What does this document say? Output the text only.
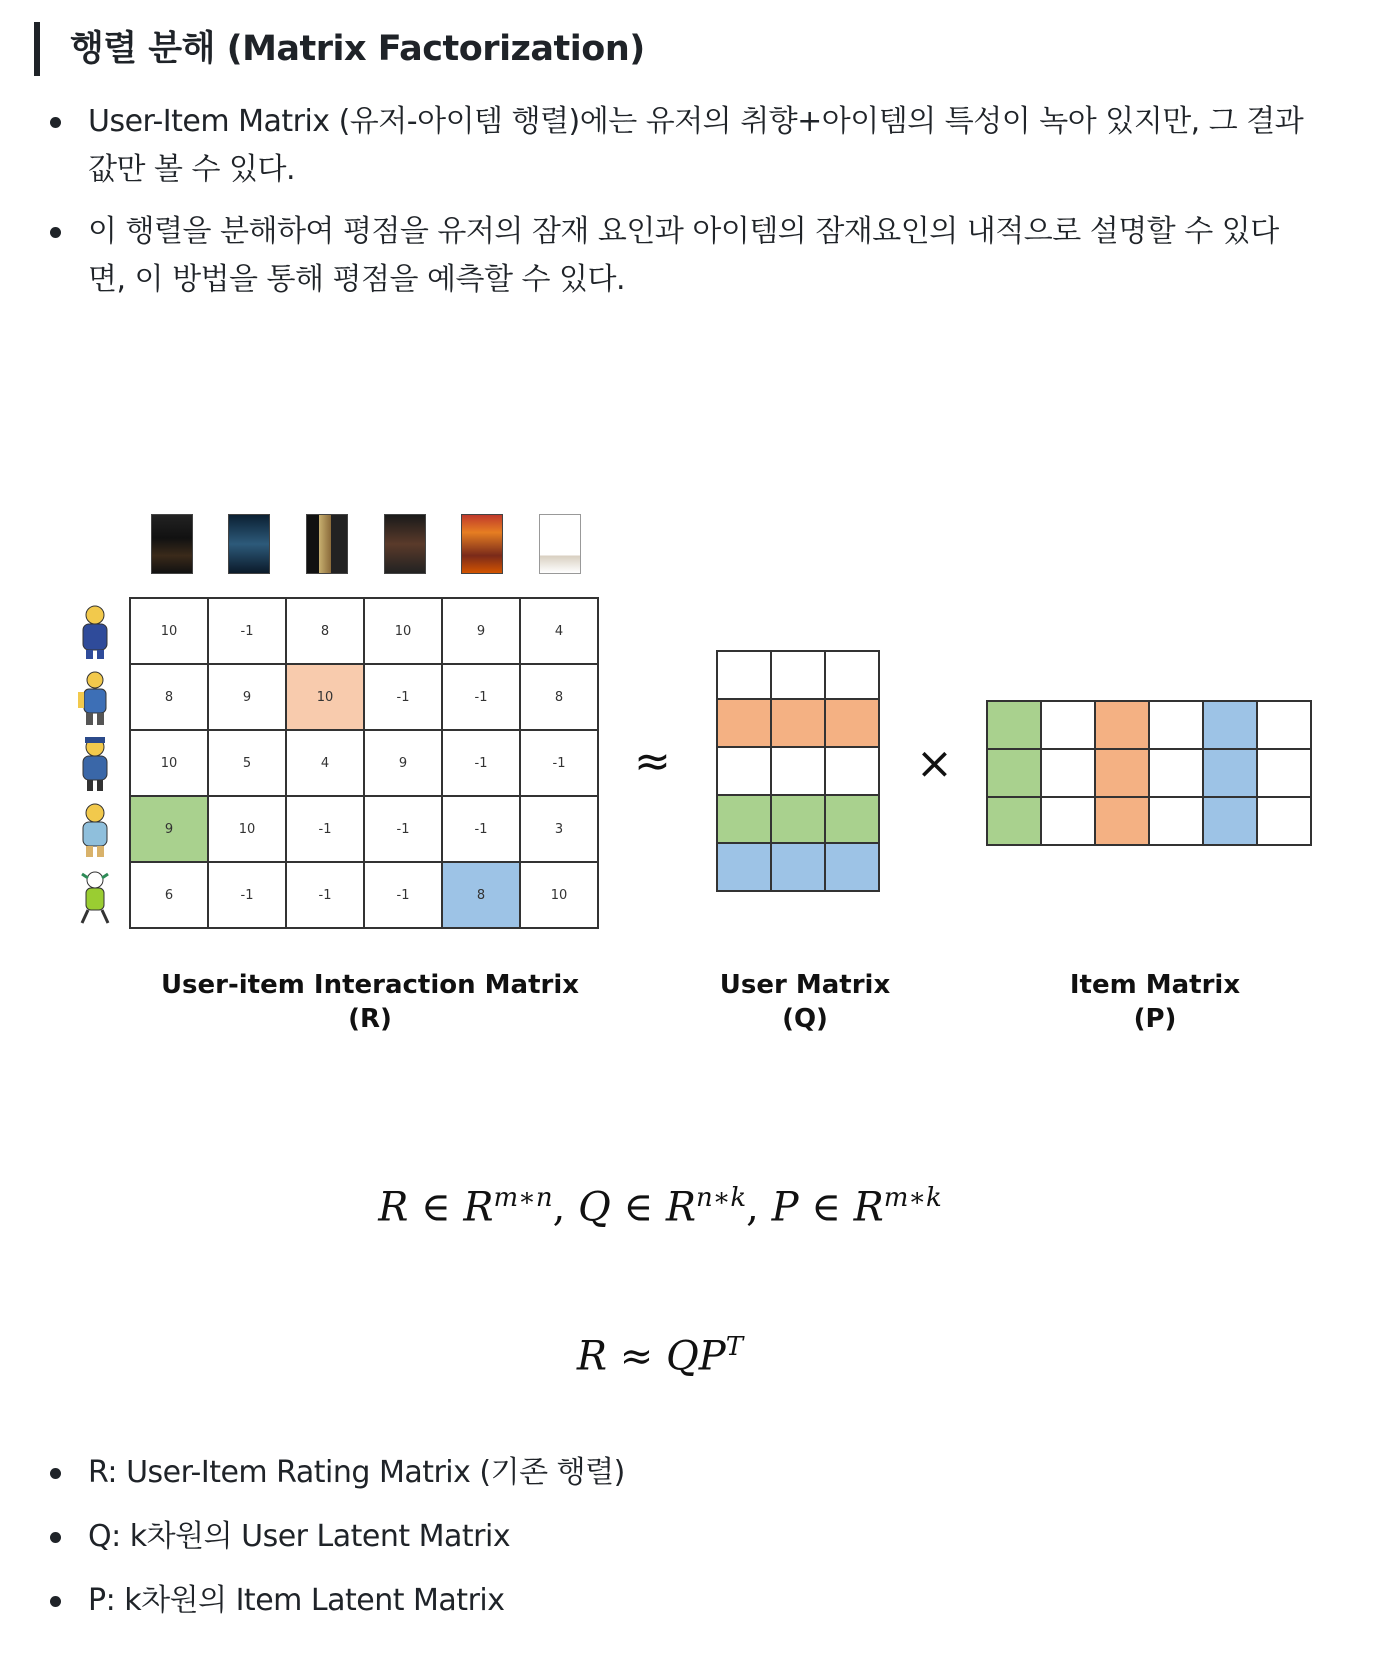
행렬 분해 (Matrix Factorization)
User-Item Matrix (유저-아이템 행렬)에는 유저의 취향+아이템의 특성이 녹아 있지만, 그 결과값만 볼 수 있다.
이 행렬을 분해하여 평점을 유저의 잠재 요인과 아이템의 잠재요인의 내적으로 설명할 수 있다면, 이 방법을 통해 평점을 예측할 수 있다.
10	-1	8	10	9	4
8	9	10	-1	-1	8
10	5	4	9	-1	-1
9	10	-1	-1	-1	3
6	-1	-1	-1	8	10
≈

			×

User-item Interaction Matrix
(R)
User Matrix
(Q)
Item Matrix
(P)
R ∈ $R^{m∗n}$, Q ∈ $R^{n∗k}$, P ∈ $R^{m∗k}$
$R \approx QP^T$
R: User-Item Rating Matrix (기존 행렬)
Q: k차원의 User Latent Matrix
P: k차원의 Item Latent Matrix
